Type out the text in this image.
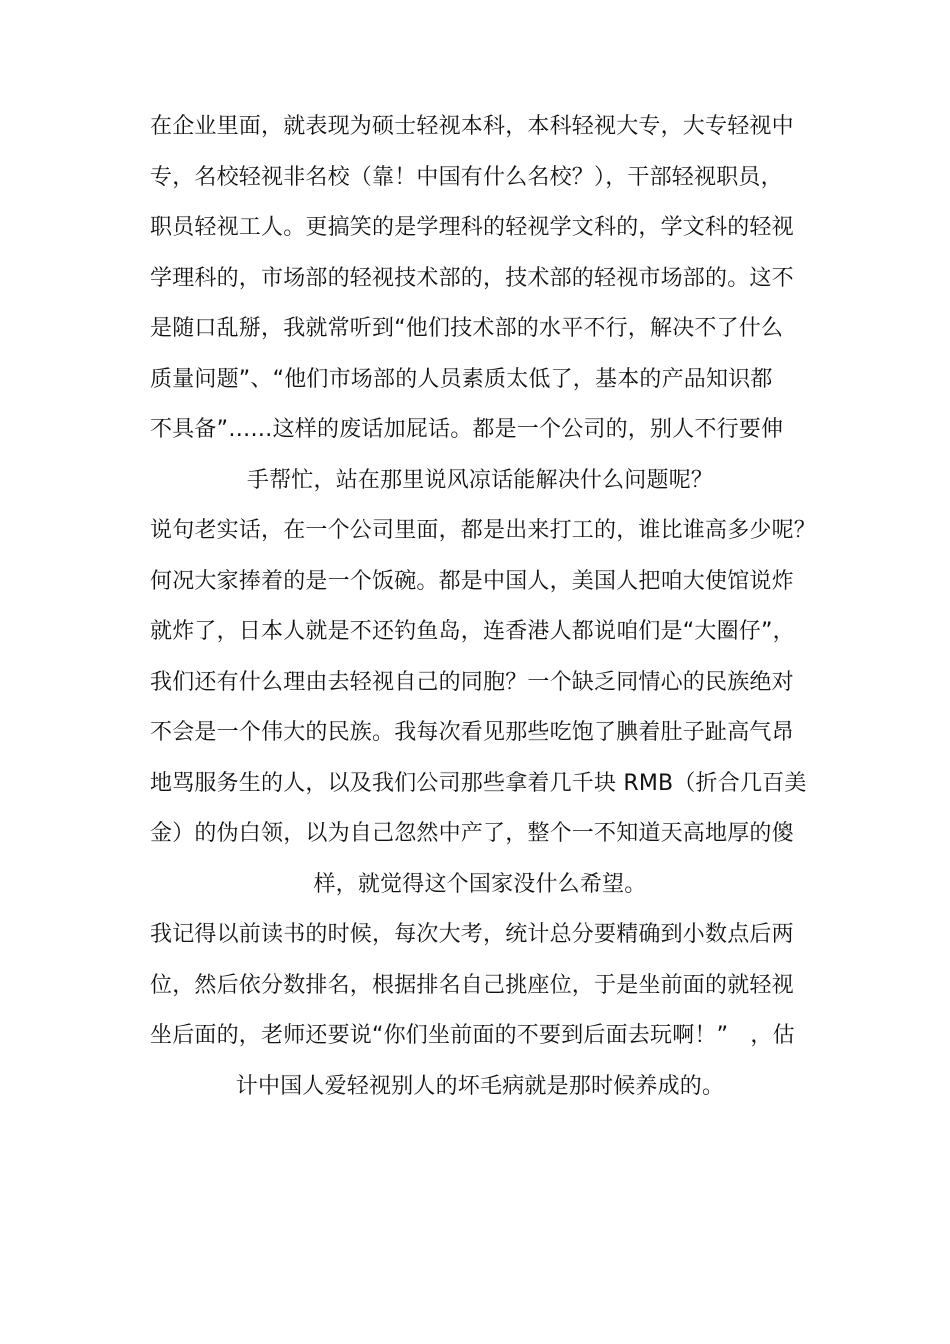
在企业里面，就表现为硕士轻视本科，本科轻视大专，大专轻视中
专，名校轻视非名校（靠！中国有什么名校？），干部轻视职员，
职员轻视工人。更搞笑的是学理科的轻视学文科的，学文科的轻视
学理科的，市场部的轻视技术部的，技术部的轻视市场部的。这不
是随口乱掰，我就常听到“他们技术部的水平不行，解决不了什么
质量问题”、“他们市场部的人员素质太低了，基本的产品知识都
不具备”……这样的废话加屁话。都是一个公司的，别人不行要伸
手帮忙，站在那里说风凉话能解决什么问题呢？
说句老实话，在一个公司里面，都是出来打工的，谁比谁高多少呢？
何况大家捧着的是一个饭碗。都是中国人，美国人把咱大使馆说炸
就炸了，日本人就是不还钓鱼岛，连香港人都说咱们是“大圈仔”，
我们还有什么理由去轻视自己的同胞？一个缺乏同情心的民族绝对
不会是一个伟大的民族。我每次看见那些吃饱了腆着肚子趾高气昂
地骂服务生的人，以及我们公司那些拿着几千块 RMB（折合几百美
金）的伪白领，以为自己忽然中产了，整个一不知道天高地厚的傻
样，就觉得这个国家没什么希望。
我记得以前读书的时候，每次大考，统计总分要精确到小数点后两
位，然后依分数排名，根据排名自己挑座位，于是坐前面的就轻视
坐后面的，老师还要说“你们坐前面的不要到后面去玩啊！”　，估
计中国人爱轻视别人的坏毛病就是那时候养成的。
